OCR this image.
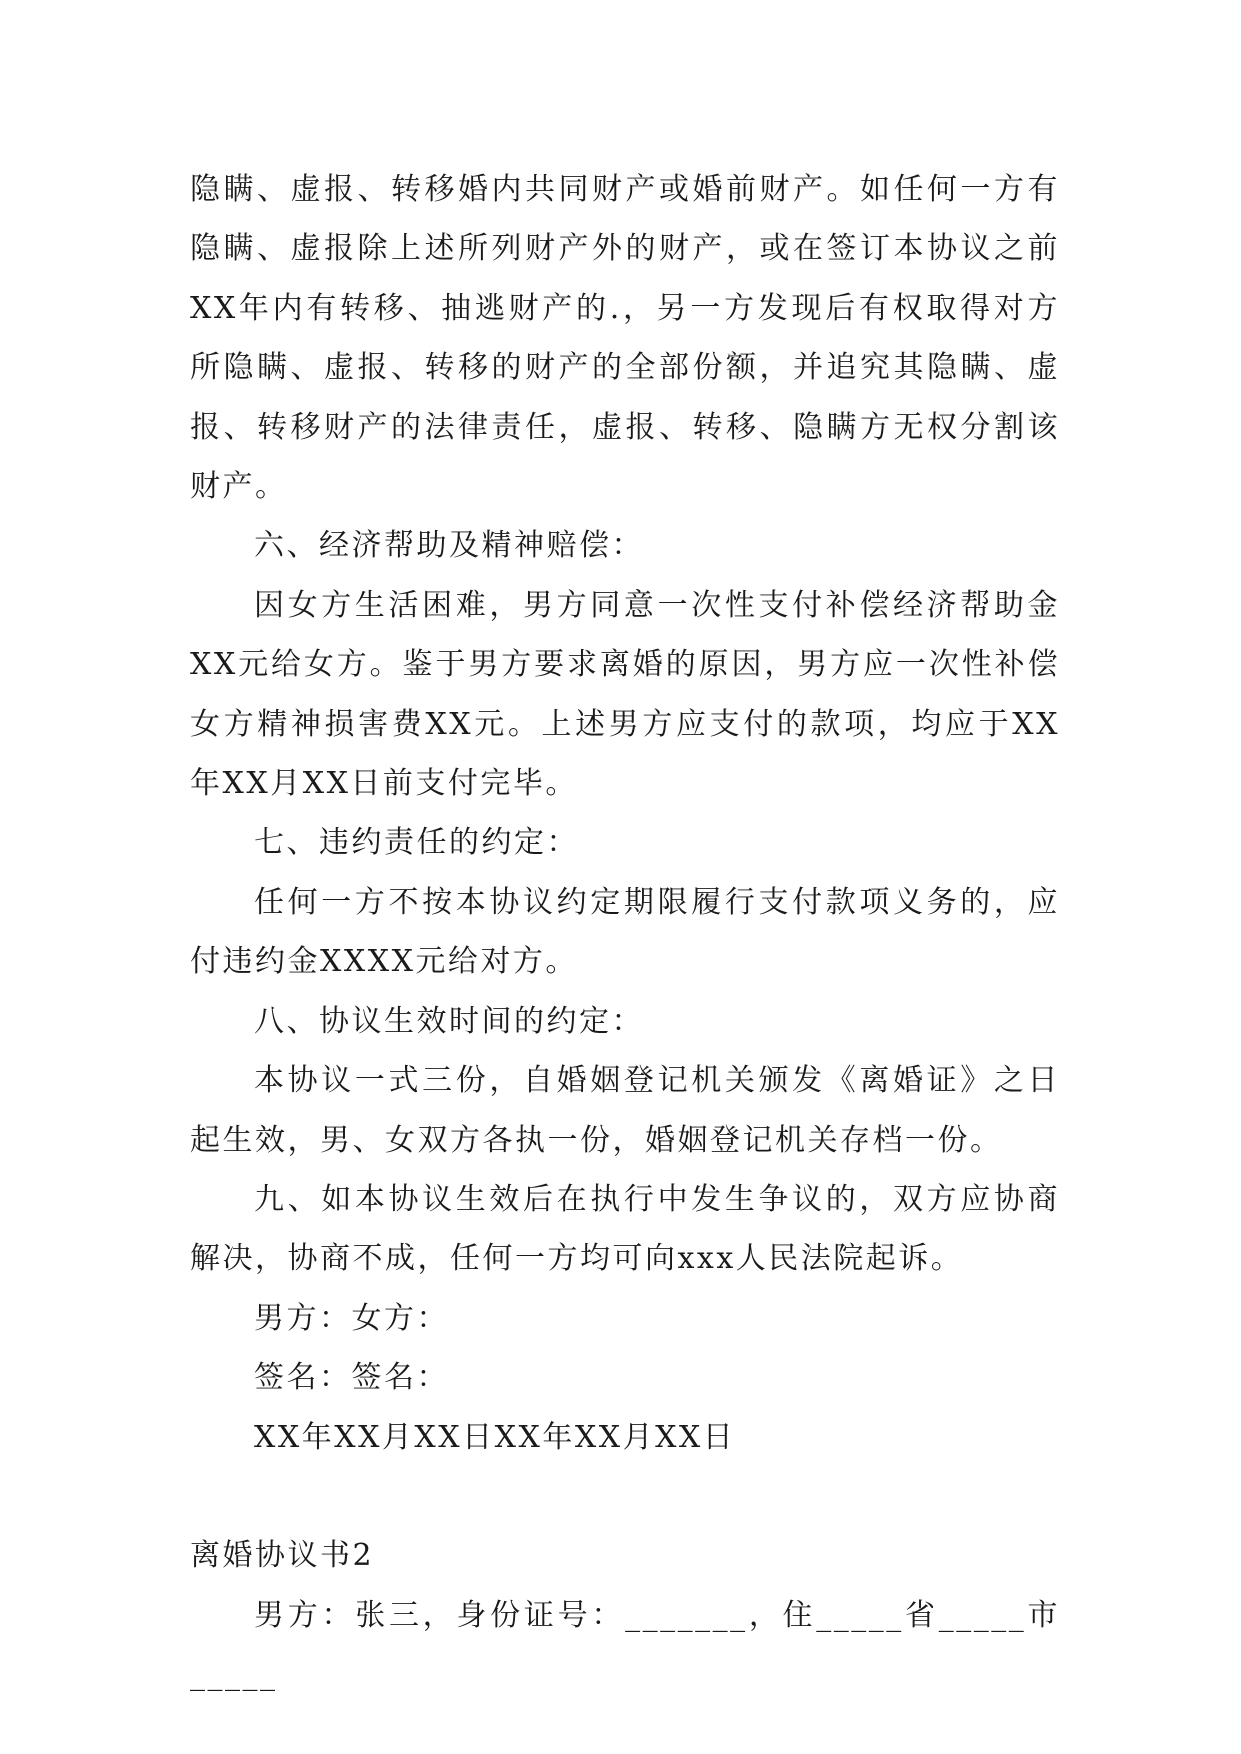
隐瞒、虚报、转移婚内共同财产或婚前财产。如任何一方有隐瞒、虚报除上述所列财产外的财产，或在签订本协议之前XX年内有转移、抽逃财产的.，另一方发现后有权取得对方所隐瞒、虚报、转移的财产的全部份额，并追究其隐瞒、虚报、转移财产的法律责任，虚报、转移、隐瞒方无权分割该财产。

六、经济帮助及精神赔偿：

因女方生活困难，男方同意一次性支付补偿经济帮助金XX元给女方。鉴于男方要求离婚的原因，男方应一次性补偿女方精神损害费XX元。上述男方应支付的款项，均应于XX年XX月XX日前支付完毕。

七、违约责任的约定：

任何一方不按本协议约定期限履行支付款项义务的，应付违约金XXXX元给对方。

八、协议生效时间的约定：

本协议一式三份，自婚姻登记机关颁发《离婚证》之日起生效，男、女双方各执一份，婚姻登记机关存档一份。

九、如本协议生效后在执行中发生争议的，双方应协商解决，协商不成，任何一方均可向xxx人民法院起诉。

男方：女方：

签名：签名：

XX年XX月XX日XX年XX月XX日

离婚协议书2

男方：张三，身份证号：_______，住_____省_____市_____
